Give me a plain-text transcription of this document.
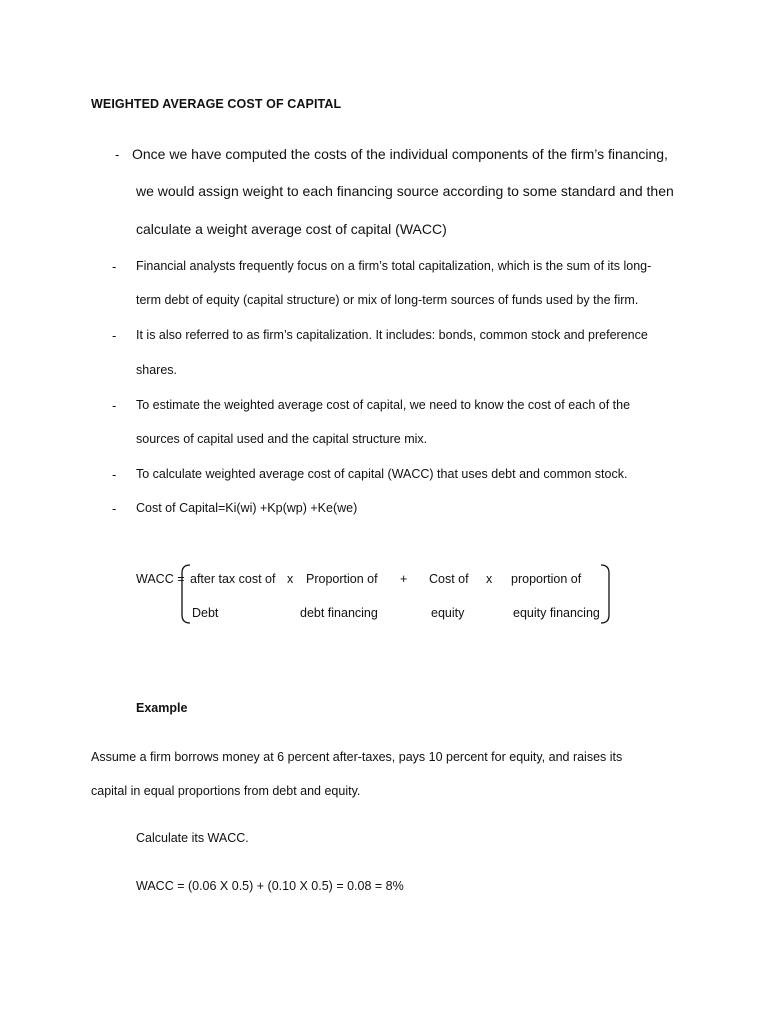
WEIGHTED AVERAGE COST OF CAPITAL
- Once we have computed the costs of the individual components of the firm’s financing,
we would assign weight to each financing source according to some standard and then
calculate a weight average cost of capital (WACC)
- Financial analysts frequently focus on a firm’s total capitalization, which is the sum of its long-
term debt of equity (capital structure) or mix of long-term sources of funds used by the firm.
- It is also referred to as firm’s capitalization. It includes: bonds, common stock and preference
shares.
- To estimate the weighted average cost of capital, we need to know the cost of each of the
sources of capital used and the capital structure mix.
- To calculate weighted average cost of capital (WACC) that uses debt and common stock.
- Cost of Capital=Ki(wi) +Kp(wp) +Ke(we)
WACC = after tax cost of x Proportion of + Cost of x proportion of
Debt	debt financing	equity	equity financing
Example
Assume a firm borrows money at 6 percent after-taxes, pays 10 percent for equity, and raises its
capital in equal proportions from debt and equity.
Calculate its WACC.
WACC = (0.06 X 0.5) + (0.10 X 0.5) = 0.08 = 8%
